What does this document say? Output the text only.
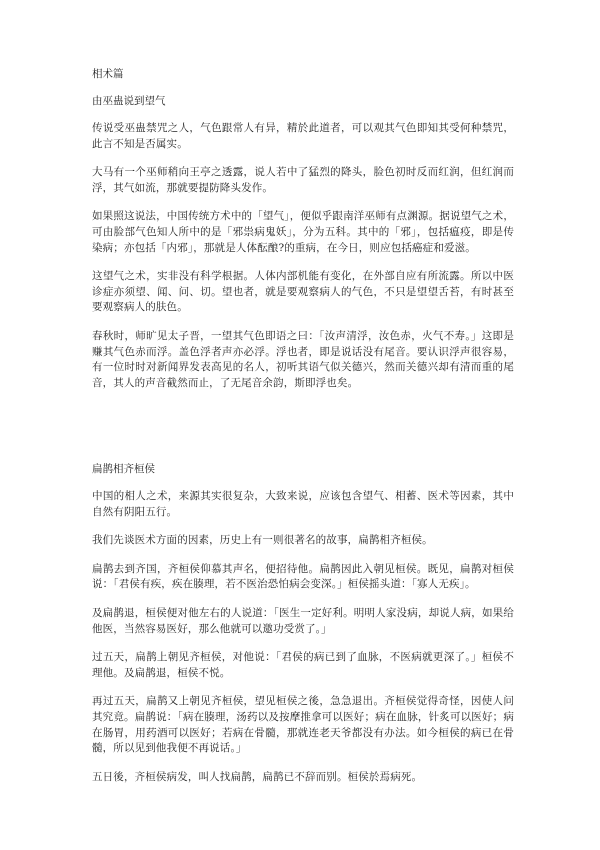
相术篇
由巫蛊说到望气

传说受巫蛊禁咒之人，气色跟常人有异，精於此道者，可以观其气色即知其受何种禁咒，此言不知是否属实。

大马有一个巫师稍向王亭之透露，说人若中了猛烈的降头，脸色初时反而红润，但红润而浮，其气如流，那就要提防降头发作。

如果照这说法，中国传统方术中的「望气」，便似乎跟南洋巫师有点渊源。据说望气之术，可由脸部气色知人所中的是「邪祟病鬼妖」，分为五科。其中的「邪」，包括瘟疫，即是传染病；亦包括「内邪」，那就是人体酝酿?的重病，在今日，则应包括癌症和爱滋。

这望气之术，实非没有科学根据。人体内部机能有变化，在外部自应有所流露。所以中医诊症亦须望、闻、问、切。望也者，就是要观察病人的气色，不只是望望舌苔，有时甚至要观察病人的肤色。

春秋时，师旷见太子晋，一望其气色即语之曰：「汝声清浮，汝色赤，火气不寿。」这即是赚其气色赤而浮。盖色浮者声亦必浮。浮也者，即是说话没有尾音。要认识浮声很容易，有一位时时对新闻界发表高见的名人，初听其语气似关德兴，然而关德兴却有清而重的尾音，其人的声音截然而止，了无尾音余韵，斯即浮也矣。

扁鹊相齐桓侯

中国的相人之术，来源其实很复杂，大致来说，应该包含望气、相蓄、医术等因素，其中自然有阴阳五行。

我们先谈医术方面的因素，历史上有一则很著名的故事，扁鹊相齐桓侯。

扁鹊去到齐国，齐桓侯仰慕其声名，便招待他。扁鹊因此入朝见桓侯。既见，扁鹊对桓侯说：「君侯有疾，疾在腠理，若不医治恐怕病会变深。」桓侯摇头道：「寡人无疾」。

及扁鹊退，桓侯便对他左右的人说道：「医生一定好利。明明人家没病，却说人病，如果给他医，当然容易医好，那么他就可以邀功受赏了。」

过五天，扁鹊上朝见齐桓侯，对他说：「君侯的病已到了血脉，不医病就更深了。」桓侯不理他。及扁鹊退，桓侯不悦。

再过五天，扁鹊又上朝见齐桓侯，望见桓侯之後，急急退出。齐桓侯觉得奇怪，因使人问其究竟。扁鹊说：「病在腠理，汤药以及按摩推拿可以医好；病在血脉，针炙可以医好；病在肠胃，用药酒可以医好；若病在骨髓，那就连老天爷都没有办法。如今桓侯的病已在骨髓，所以见到他我便不再说话。」

五日後，齐桓侯病发，叫人找扁鹊，扁鹊已不辞而别。桓侯於焉病死。
